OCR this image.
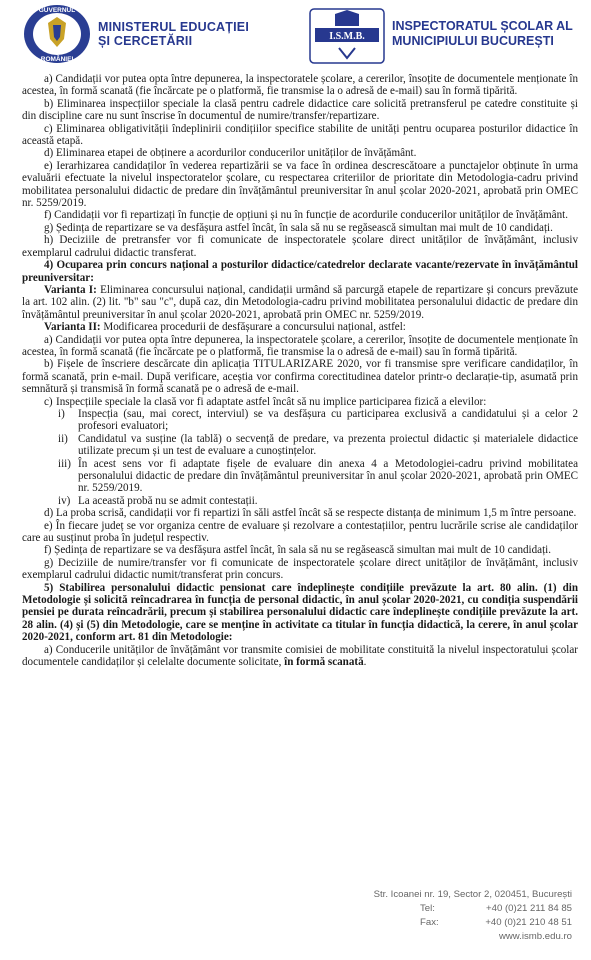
GUVERNUL
ROMÂNIEI
MINISTERUL EDUCAȚIEI
ȘI CERCETĂRII	I.S.M.B.
INSPECTORATUL ȘCOLAR AL
MUNICIPIULUI BUCUREȘTI

a) Candidații vor putea opta între depunerea, la inspectoratele școlare, a cererilor, însoțite de documentele menționate în acestea, în formă scanată (fie încărcate pe o platformă, fie transmise la o adresă de e-mail) sau în formă tipărită.

b) Eliminarea inspecțiilor speciale la clasă pentru cadrele didactice care solicită pretransferul pe catedre constituite și din discipline care nu sunt înscrise în documentul de numire/transfer/repartizare.

c) Eliminarea obligativității îndeplinirii condițiilor specifice stabilite de unități pentru ocuparea posturilor didactice în această etapă.

d) Eliminarea etapei de obținere a acordurilor conducerilor unităților de învățământ.

e) Ierarhizarea candidaților în vederea repartizării se va face în ordinea descrescătoare a punctajelor obținute în urma evaluării efectuate la nivelul inspectoratelor școlare, cu respectarea criteriilor de prioritate din Metodologia-cadru privind mobilitatea personalului didactic de predare din învățământul preuniversitar în anul școlar 2020-2021, aprobată prin OMEC nr. 5259/2019.

f) Candidații vor fi repartizați în funcție de opțiuni și nu în funcție de acordurile conducerilor unităților de învățământ.

g) Ședința de repartizare se va desfășura astfel încât, în sala să nu se regăsească simultan mai mult de 10 candidați.

h) Deciziile de pretransfer vor fi comunicate de inspectoratele școlare direct unităților de învățământ, inclusiv exemplarul cadrului didactic transferat.

4) Ocuparea prin concurs național a posturilor didactice/catedrelor declarate vacante/rezervate în învățământul preuniversitar:

Varianta I: Eliminarea concursului național, candidații urmând să parcurgă etapele de repartizare și concurs prevăzute la art. 102 alin. (2) lit. "b" sau "c", după caz, din Metodologia-cadru privind mobilitatea personalului didactic de predare din învățământul preuniversitar în anul școlar 2020-2021, aprobată prin OMEC nr. 5259/2019.

Varianta II: Modificarea procedurii de desfășurare a concursului național, astfel:

a) Candidații vor putea opta între depunerea, la inspectoratele școlare, a cererilor, însoțite de documentele menționate în acestea, în formă scanată (fie încărcate pe o platformă, fie transmise la o adresă de e-mail) sau în formă tipărită.

b) Fișele de înscriere descărcate din aplicația TITULARIZARE 2020, vor fi transmise spre verificare candidaților, în formă scanată, prin e-mail. După verificare, aceștia vor confirma corectitudinea datelor printr-o declarație-tip, asumată prin semnătură și transmisă în formă scanată pe o adresă de e-mail.

c) Inspecțiile speciale la clasă vor fi adaptate astfel încât să nu implice participarea fizică a elevilor:
i)	Inspecția (sau, mai corect, interviul) se va desfășura cu participarea exclusivă a candidatului și a celor 2 profesori evaluatori;
ii) Candidatul va susține (la tablă) o secvență de predare, va prezenta proiectul didactic și materialele didactice utilizate precum și un test de evaluare a cunoștințelor.
iii) În acest sens vor fi adaptate fișele de evaluare din anexa 4 a Metodologiei-cadru privind mobilitatea personalului didactic de predare din învățământul preuniversitar în anul școlar 2020-2021, aprobată prin OMEC nr. 5259/2019.
iv) La această probă nu se admit contestații.

d) La proba scrisă, candidații vor fi repartizi în săli astfel încât să se respecte distanța de minimum 1,5 m între persoane.

e) În fiecare județ se vor organiza centre de evaluare și rezolvare a contestațiilor, pentru lucrările scrise ale candidaților care au susținut proba în județul respectiv.

f) Ședința de repartizare se va desfășura astfel încât, în sala să nu se regăsească simultan mai mult de 10 candidați.

g) Deciziile de numire/transfer vor fi comunicate de inspectoratele școlare direct unităților de învățământ, inclusiv exemplarul cadrului didactic numit/transferat prin concurs.

5) Stabilirea personalului didactic pensionat care îndeplinește condițiile prevăzute la art. 80 alin. (1) din Metodologie și solicită reîncadrarea în funcția de personal didactic, în anul școlar 2020-2021, cu condiția suspendării pensiei pe durata reîncadrării, precum și stabilirea personalului didactic care îndeplinește condițiile prevăzute la art. 28 alin. (4) și (5) din Metodologie, care se menține în activitate ca titular în funcția didactică, la cerere, în anul școlar 2020-2021, conform art. 81 din Metodologie:

a) Conducerile unităților de învățământ vor transmite comisiei de mobilitate constituită la nivelul inspectoratului școlar documentele candidaților și celelalte documente solicitate, în formă scanată.

Str. Icoanei nr. 19, Sector 2, 020451, București
Tel:	+40 (0)21 211 84 85
Fax:	+40 (0)21 210 48 51
www.ismb.edu.ro
